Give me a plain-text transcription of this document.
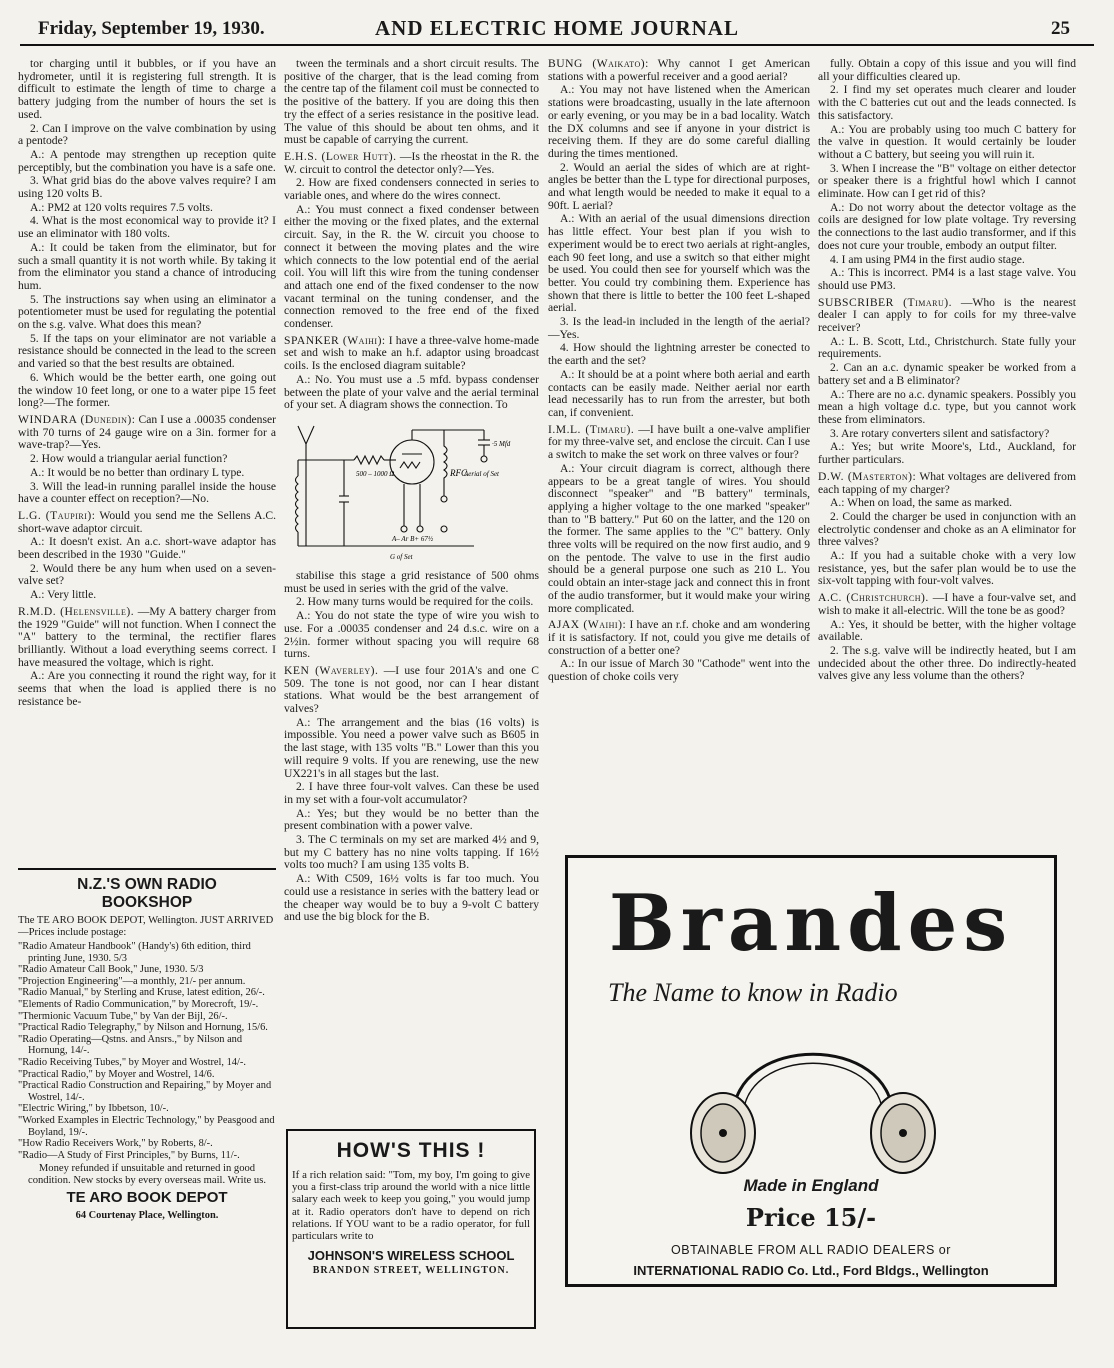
Friday, September 19, 1930.	AND ELECTRIC HOME JOURNAL	25

tor charging until it bubbles, or if you have an hydrometer, until it is registering full strength. It is difficult to estimate the length of time to charge a battery judging from the number of hours the set is used.

2. Can I improve on the valve combination by using a pentode?

A.: A pentode may strengthen up reception quite perceptibly, but the combination you have is a safe one.

3. What grid bias do the above valves require? I am using 120 volts B.

A.: PM2 at 120 volts requires 7.5 volts.

4. What is the most economical way to provide it? I use an eliminator with 180 volts.

A.: It could be taken from the eliminator, but for such a small quantity it is not worth while. By taking it from the eliminator you stand a chance of introducing hum.

5. The instructions say when using an eliminator a potentiometer must be used for regulating the potential on the s.g. valve. What does this mean?

5. If the taps on your eliminator are not variable a resistance should be connected in the lead to the screen and varied so that the best results are obtained.

6. Which would be the better earth, one going out the window 10 feet long, or one to a water pipe 15 feet long?—The former.

WINDARA (Dunedin): Can I use a .00035 condenser with 70 turns of 24 gauge wire on a 3in. former for a wave-trap?—Yes.

2. How would a triangular aerial function?

A.: It would be no better than ordinary L type.

3. Will the lead-in running parallel inside the house have a counter effect on reception?—No.

L.G. (Taupiri): Would you send me the Sellens A.C. short-wave adaptor circuit.

A.: It doesn't exist. An a.c. short-wave adaptor has been described in the 1930 "Guide."

2. Would there be any hum when used on a seven-valve set?

A.: Very little.

R.M.D. (Helensville). —My A battery charger from the 1929 "Guide" will not function. When I connect the "A" battery to the terminal, the rectifier flares brilliantly. Without a load everything seems correct. I have measured the voltage, which is right.

A.: Are you connecting it round the right way, for it seems that when the load is applied there is no resistance be-

tween the terminals and a short circuit results. The positive of the charger, that is the lead coming from the centre tap of the filament coil must be connected to the positive of the battery. If you are doing this then try the effect of a series resistance in the positive lead. The value of this should be about ten ohms, and it must be capable of carrying the current.

E.H.S. (Lower Hutt). —Is the rheostat in the R. the W. circuit to control the detector only?—Yes.

2. How are fixed condensers connected in series to variable ones, and where do the wires connect.

A.: You must connect a fixed condenser between either the moving or the fixed plates, and the external circuit. Say, in the R. the W. circuit you choose to connect it between the moving plates and the wire which connects to the low potential end of the aerial coil. You will lift this wire from the tuning condenser and attach one end of the fixed condenser to the now vacant terminal on the tuning condenser, and the connection removed to the free end of the fixed condenser.

SPANKER (Waihi): I have a three-valve home-made set and wish to make an h.f. adaptor using broadcast coils. Is the enclosed diagram suitable?

A.: No. You must use a .5 mfd. bypass condenser between the plate of your valve and the aerial terminal of your set. A diagram shows the connection. To

500 – 1000 Ω	RFC
·5 Mfd
Aerial of Set
A– Ar B+ 67½
G of Set

stabilise this stage a grid resistance of 500 ohms must be used in series with the grid of the valve.

2. How many turns would be required for the coils.

A.: You do not state the type of wire you wish to use. For a .00035 condenser and 24 d.s.c. wire on a 2½in. former without spacing you will require 68 turns.

KEN (Waverley). —I use four 201A's and one C 509. The tone is not good, nor can I hear distant stations. What would be the best arrangement of valves?

A.: The arrangement and the bias (16 volts) is impossible. You need a power valve such as B605 in the last stage, with 135 volts "B." Lower than this you will require 9 volts. If you are renewing, use the new UX221's in all stages but the last.

2. I have three four-volt valves. Can these be used in my set with a four-volt accumulator?

A.: Yes; but they would be no better than the present combination with a power valve.

3. The C terminals on my set are marked 4½ and 9, but my C battery has no nine volts tapping. If 16½ volts too much? I am using 135 volts B.

A.: With C509, 16½ volts is far too much. You could use a resistance in series with the battery lead or the cheaper way would be to buy a 9-volt C battery and use the big block for the B.

BUNG (Waikato): Why cannot I get American stations with a powerful receiver and a good aerial?

A.: You may not have listened when the American stations were broadcasting, usually in the late afternoon or early evening, or you may be in a bad locality. Watch the DX columns and see if anyone in your district is receiving them. If they are do some careful dialling during the times mentioned.

2. Would an aerial the sides of which are at right-angles be better than the L type for directional purposes, and what length would be needed to make it equal to a 90ft. L aerial?

A.: With an aerial of the usual dimensions direction has little effect. Your best plan if you wish to experiment would be to erect two aerials at right-angles, each 90 feet long, and use a switch so that either might be used. You could then see for yourself which was the better. You could try combining them. Experience has shown that there is little to better the 100 feet L-shaped aerial.

3. Is the lead-in included in the length of the aerial?—Yes.

4. How should the lightning arrester be conected to the earth and the set?

A.: It should be at a point where both aerial and earth contacts can be easily made. Neither aerial nor earth lead necessarily has to run from the arrester, but both can, if convenient.

I.M.L. (Timaru). —I have built a one-valve amplifier for my three-valve set, and enclose the circuit. Can I use a switch to make the set work on three valves or four?

A.: Your circuit diagram is correct, although there appears to be a great tangle of wires. You should disconnect "speaker" and "B battery" terminals, applying a higher voltage to the one marked "speaker" than to "B battery." Put 60 on the latter, and the 120 on the former. The same applies to the "C" battery. Only three volts will be required on the now first audio, and 9 on the pentode. The valve to use in the first audio should be a general purpose one such as 210 L. You could obtain an inter-stage jack and connect this in front of the audio transformer, but it would make your wiring more complicated.

AJAX (Waihi): I have an r.f. choke and am wondering if it is satisfactory. If not, could you give me details of construction of a better one?

A.: In our issue of March 30 "Cathode" went into the question of choke coils very

fully. Obtain a copy of this issue and you will find all your difficulties cleared up.

2. I find my set operates much clearer and louder with the C batteries cut out and the leads connected. Is this satisfactory.

A.: You are probably using too much C battery for the valve in question. It would certainly be louder without a C battery, but seeing you will ruin it.

3. When I increase the "B" voltage on either detector or speaker there is a frightful howl which I cannot eliminate. How can I get rid of this?

A.: Do not worry about the detector voltage as the coils are designed for low plate voltage. Try reversing the connections to the last audio transformer, and if this does not cure your trouble, embody an output filter.

4. I am using PM4 in the first audio stage.

A.: This is incorrect. PM4 is a last stage valve. You should use PM3.

SUBSCRIBER (Timaru). —Who is the nearest dealer I can apply to for coils for my three-valve receiver?

A.: L. B. Scott, Ltd., Christchurch. State fully your requirements.

2. Can an a.c. dynamic speaker be worked from a battery set and a B eliminator?

A.: There are no a.c. dynamic speakers. Possibly you mean a high voltage d.c. type, but you cannot work these from eliminators.

3. Are rotary converters silent and satisfactory?

A.: Yes; but write Moore's, Ltd., Auckland, for further particulars.

D.W. (Masterton): What voltages are delivered from each tapping of my charger?

A.: When on load, the same as marked.

2. Could the charger be used in conjunction with an electrolytic condenser and choke as an A eliminator for three valves?

A.: If you had a suitable choke with a very low resistance, yes, but the safer plan would be to use the six-volt tapping with four-volt valves.

A.C. (Christchurch). —I have a four-valve set, and wish to make it all-electric. Will the tone be as good?

A.: Yes, it should be better, with the higher voltage available.

2. The s.g. valve will be indirectly heated, but I am undecided about the other three. Do indirectly-heated valves give any less volume than the others?

N.Z.'S OWN RADIO
BOOKSHOP
The TE ARO BOOK DEPOT, Wellington. JUST ARRIVED—Prices include postage:
"Radio Amateur Handbook" (Handy's) 6th edition, third printing June, 1930. 5/3
"Radio Amateur Call Book," June, 1930. 5/3
"Projection Engineering"—a monthly, 21/- per annum.
"Radio Manual," by Sterling and Kruse, latest edition, 26/-.
"Elements of Radio Communication," by Morecroft, 19/-.
"Thermionic Vacuum Tube," by Van der Bijl, 26/-.
"Practical Radio Telegraphy," by Nilson and Hornung, 15/6.
"Radio Operating—Qstns. and Ansrs.," by Nilson and Hornung, 14/-.
"Radio Receiving Tubes," by Moyer and Wostrel, 14/-.
"Practical Radio," by Moyer and Wostrel, 14/6.
"Practical Radio Construction and Repairing," by Moyer and Wostrel, 14/-.
"Electric Wiring," by Ibbetson, 10/-.
"Worked Examples in Electric Technology," by Peasgood and Boyland, 19/-.
"How Radio Receivers Work," by Roberts, 8/-.
"Radio—A Study of First Principles," by Burns, 11/-.
Money refunded if unsuitable and returned in good condition. New stocks by every overseas mail. Write us.
TE ARO BOOK DEPOT
64 Courtenay Place, Wellington.
HOW'S THIS !
If a rich relation said: "Tom, my boy, I'm going to give you a first-class trip around the world with a nice little salary each week to keep you going," you would jump at it. Radio operators don't have to depend on rich relations. If YOU want to be a radio operator, for full particulars write to
JOHNSON'S WIRELESS SCHOOL
BRANDON STREET, WELLINGTON.
Brandes
The Name to know in Radio
Made in England
Price 15/-
OBTAINABLE FROM ALL RADIO DEALERS or
INTERNATIONAL RADIO Co. Ltd., Ford Bldgs., Wellington
